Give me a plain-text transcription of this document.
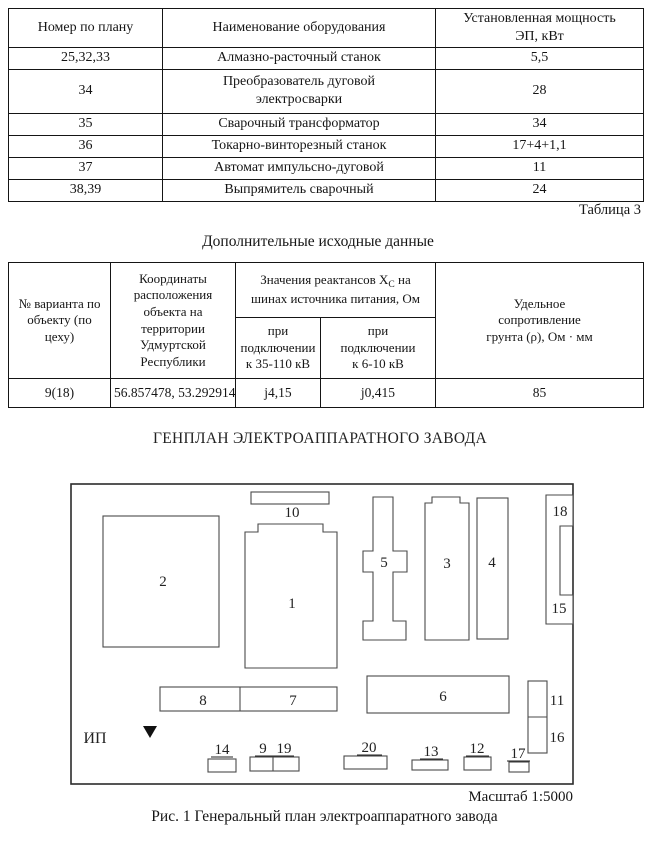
Номер по плану	Наименование оборудования	Установленная мощность ЭП, кВт
25,32,33	Алмазно-расточный станок	5,5
34	Преобразователь дуговой электросварки	28
35	Сварочный трансформатор	34
36	Токарно-винторезный станок	17+4+1,1
37	Автомат импульсно-дуговой	11
38,39	Выпрямитель сварочный	24
Таблица 3
Дополнительные исходные данные
№ варианта по объекту (по цеху)	Координаты расположения объекта на территории Удмуртской Республики	Значения реактансов $Х_С$ на шинах источника питания, Ом		Удельное сопротивление грунта (ρ), Ом · мм
		при подключении к 35-110 кВ	при подключении к 6-10 кВ	
9(18)	56.857478, 53.292914	j4,15	j0,415	85
ГЕНПЛАН ЭЛЕКТРОАППАРАТНОГО ЗАВОДА
2
10
1
5	3	4
18
15
8	7	6	11
16
ИП
14 9 19	20	13 12 17
Масштаб 1:5000
Рис. 1 Генеральный план электроаппаратного завода
